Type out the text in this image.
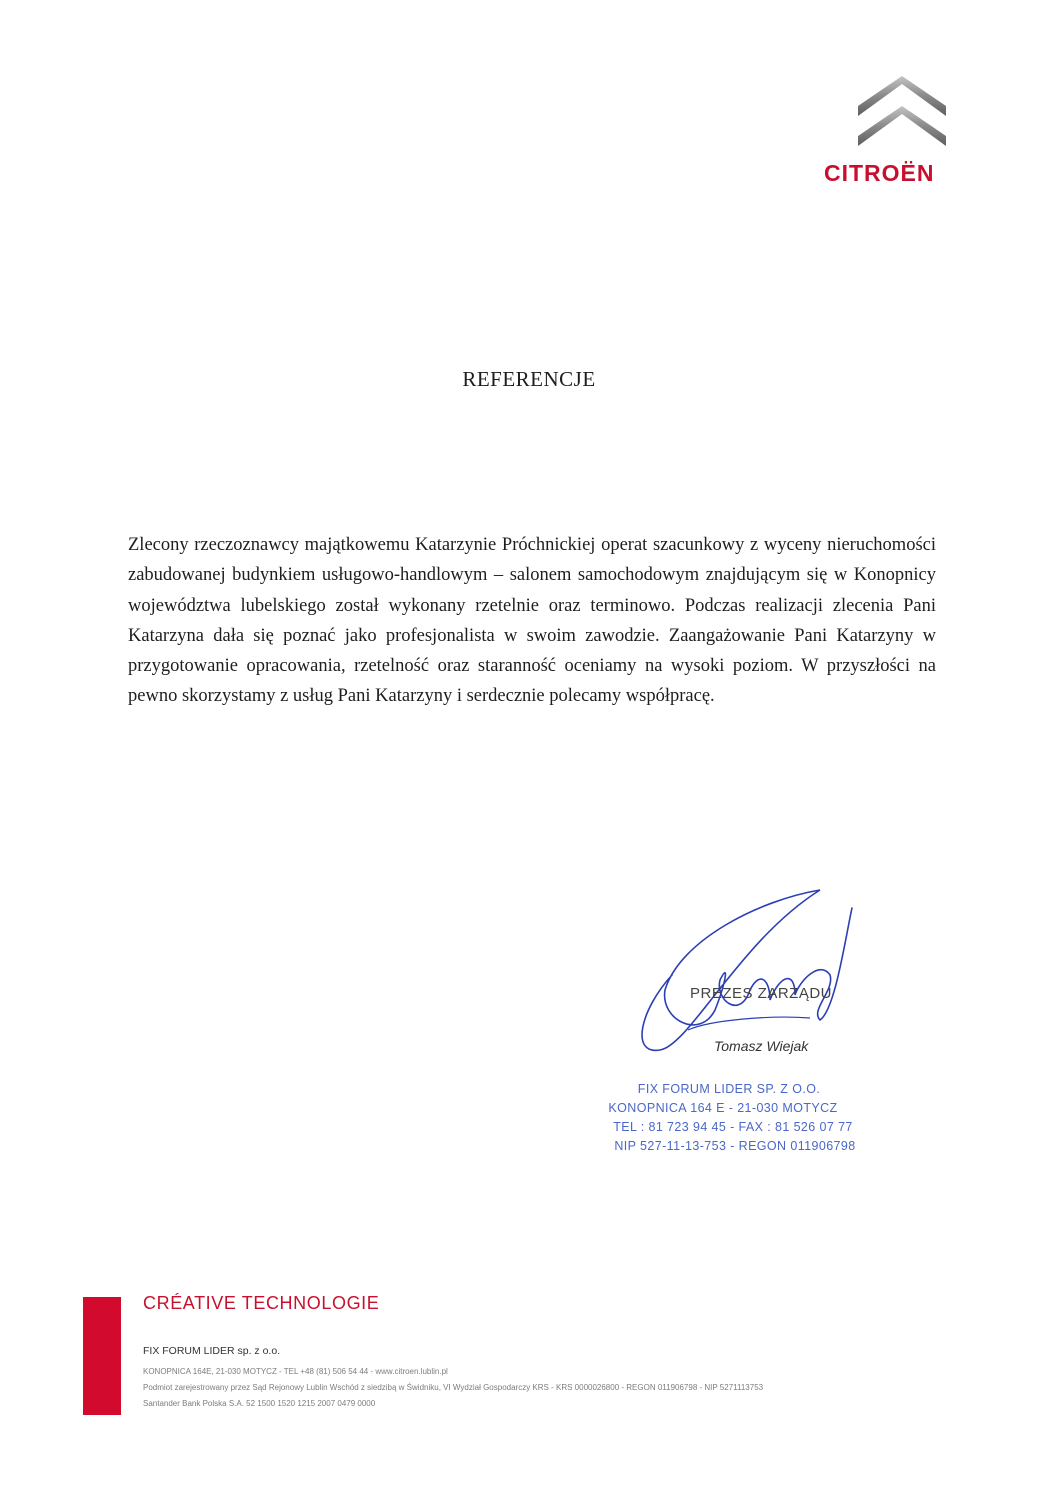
CITROËN
REFERENCJE

Zlecony rzeczoznawcy majątkowemu Katarzynie Próchnickiej operat szacunkowy z wyceny nieruchomości zabudowanej budynkiem usługowo-handlowym – salonem samochodowym znajdującym się w Konopnicy województwa lubelskiego został wykonany rzetelnie oraz terminowo. Podczas realizacji zlecenia Pani Katarzyna dała się poznać jako profesjonalista w swoim zawodzie. Zaangażowanie Pani Katarzyny w przygotowanie opracowania, rzetelność oraz staranność oceniamy na wysoki poziom. W przyszłości na pewno skorzystamy z usług Pani Katarzyny i serdecznie polecamy współpracę.

PREZES ZARZĄDU
Tomasz Wiejak
FIX FORUM LIDER SP. Z O.O.
KONOPNICA 164 E - 21-030 MOTYCZ
TEL : 81 723 94 45 - FAX : 81 526 07 77
NIP 527-11-13-753 - REGON 011906798
CRÉATIVE TECHNOLOGIE
FIX FORUM LIDER sp. z o.o.
KONOPNICA 164E, 21-030 MOTYCZ - TEL +48 (81) 506 54 44 - www.citroen.lublin.pl
Podmiot zarejestrowany przez Sąd Rejonowy Lublin Wschód z siedzibą w Świdniku, VI Wydział Gospodarczy KRS - KRS 0000026800 - REGON 011906798 - NIP 5271113753
Santander Bank Polska S.A. 52 1500 1520 1215 2007 0479 0000
